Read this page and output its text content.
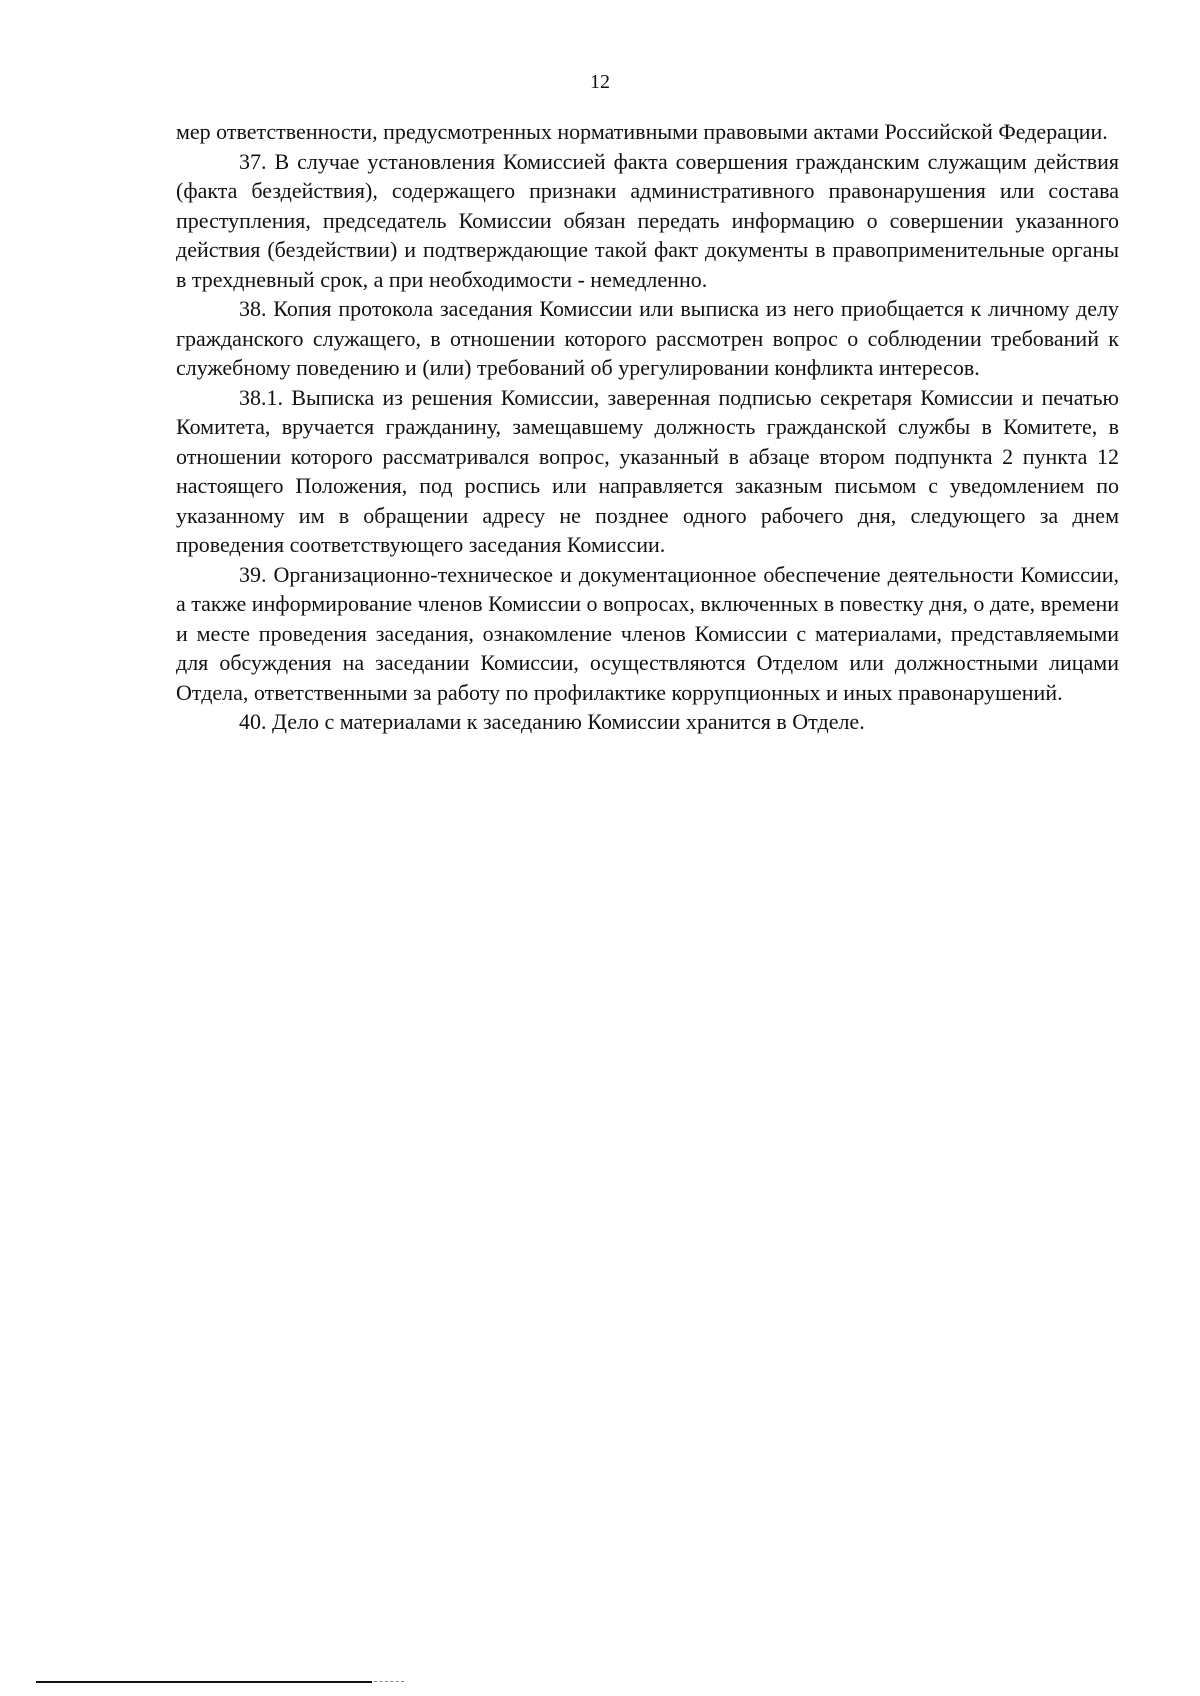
12

мер ответственности, предусмотренных нормативными правовыми актами Российской Федерации.

37. В случае установления Комиссией факта совершения гражданским служащим действия (факта бездействия), содержащего признаки административного правонарушения или состава преступления, председатель Комиссии обязан передать информацию о совершении указанного действия (бездействии) и подтверждающие такой факт документы в правоприменительные органы в трехдневный срок, а при необходимости - немедленно.

38. Копия протокола заседания Комиссии или выписка из него приобщается к личному делу гражданского служащего, в отношении которого рассмотрен вопрос о соблюдении требований к служебному поведению и (или) требований об урегулировании конфликта интересов.

38.1. Выписка из решения Комиссии, заверенная подписью секретаря Комиссии и печатью Комитета, вручается гражданину, замещавшему должность гражданской службы в Комитете, в отношении которого рассматривался вопрос, указанный в абзаце втором подпункта 2 пункта 12 настоящего Положения, под роспись или направляется заказным письмом с уведомлением по указанному им в обращении адресу не позднее одного рабочего дня, следующего за днем проведения соответствующего заседания Комиссии.

39. Организационно-техническое и документационное обеспечение деятельности Комиссии, а также информирование членов Комиссии о вопросах, включенных в повестку дня, о дате, времени и месте проведения заседания, ознакомление членов Комиссии с материалами, представляемыми для обсуждения на заседании Комиссии, осуществляются Отделом или должностными лицами Отдела, ответственными за работу по профилактике коррупционных и иных правонарушений.

40. Дело с материалами к заседанию Комиссии хранится в Отделе.
